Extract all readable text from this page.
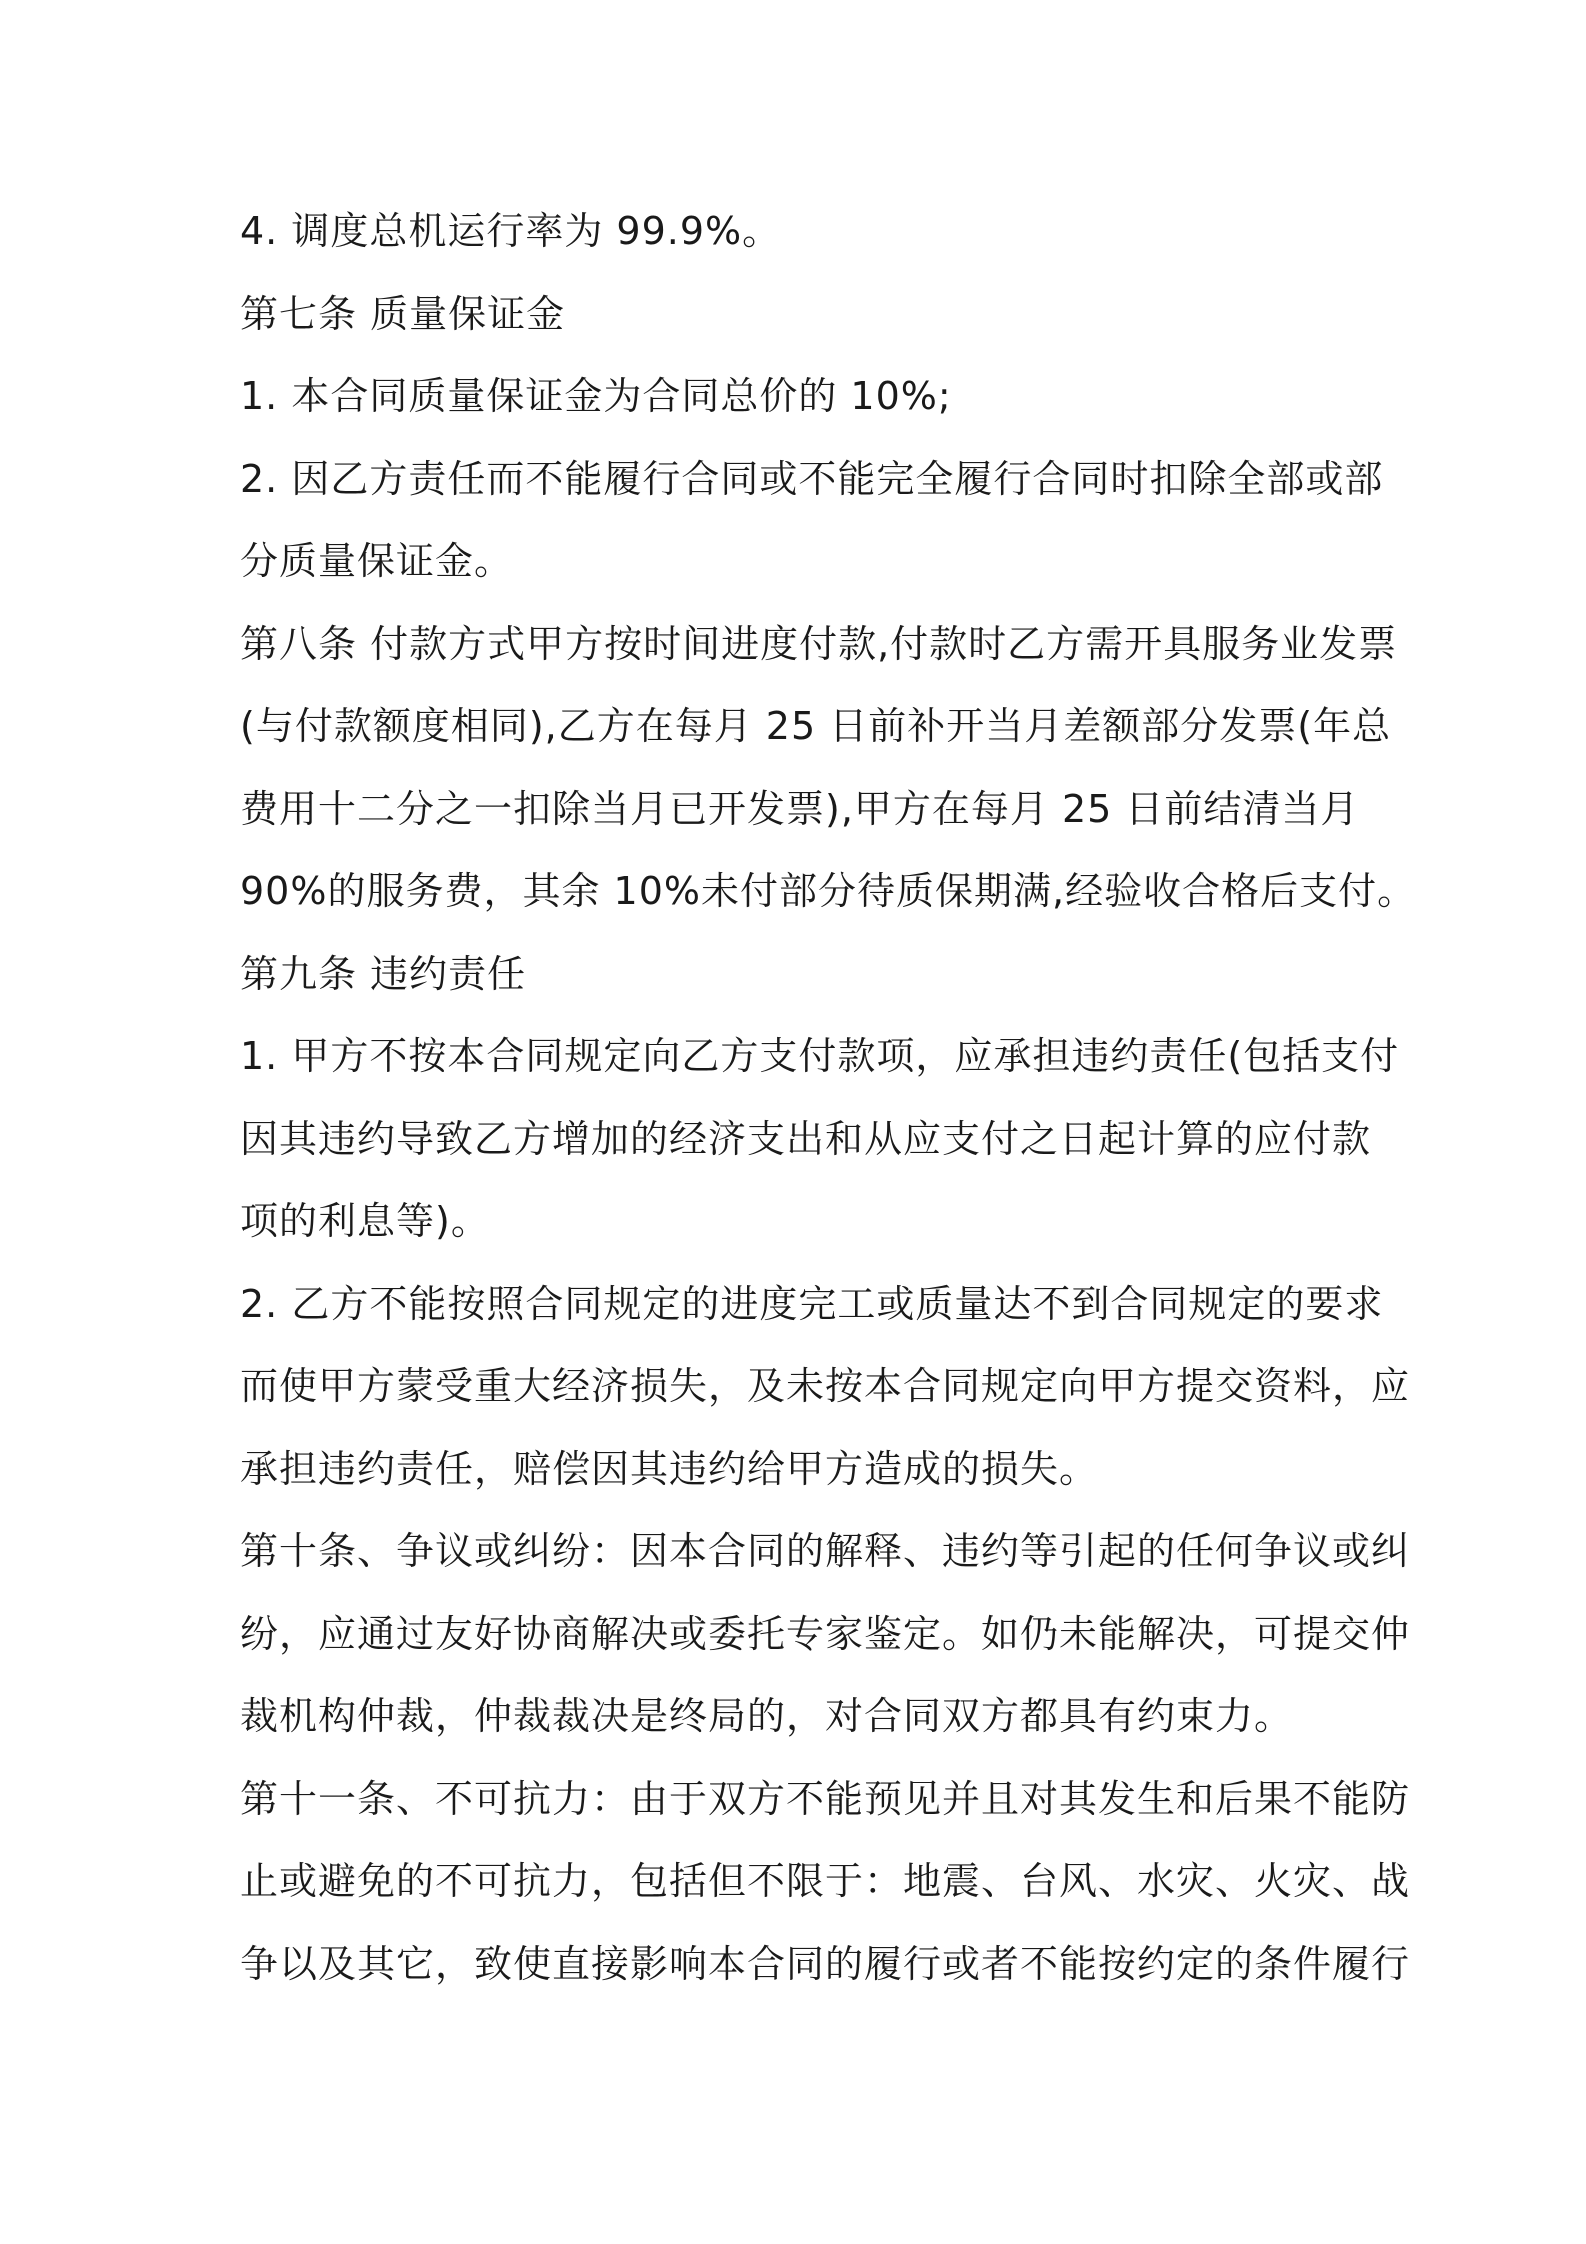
4. 调度总机运行率为 99.9%。
第七条 质量保证金
1. 本合同质量保证金为合同总价的 10%;
2. 因乙方责任而不能履行合同或不能完全履行合同时扣除全部或部
分质量保证金。
第八条 付款方式甲方按时间进度付款,付款时乙方需开具服务业发票
(与付款额度相同),乙方在每月 25 日前补开当月差额部分发票(年总
费用十二分之一扣除当月已开发票),甲方在每月 25 日前结清当月
90%的服务费，其余 10%未付部分待质保期满,经验收合格后支付。
第九条 违约责任
1. 甲方不按本合同规定向乙方支付款项，应承担违约责任(包括支付
因其违约导致乙方增加的经济支出和从应支付之日起计算的应付款
项的利息等)。
2. 乙方不能按照合同规定的进度完工或质量达不到合同规定的要求
而使甲方蒙受重大经济损失，及未按本合同规定向甲方提交资料，应
承担违约责任，赔偿因其违约给甲方造成的损失。
第十条、争议或纠纷：因本合同的解释、违约等引起的任何争议或纠
纷，应通过友好协商解决或委托专家鉴定。如仍未能解决，可提交仲
裁机构仲裁，仲裁裁决是终局的，对合同双方都具有约束力。
第十一条、不可抗力：由于双方不能预见并且对其发生和后果不能防
止或避免的不可抗力，包括但不限于：地震、台风、水灾、火灾、战
争以及其它，致使直接影响本合同的履行或者不能按约定的条件履行
